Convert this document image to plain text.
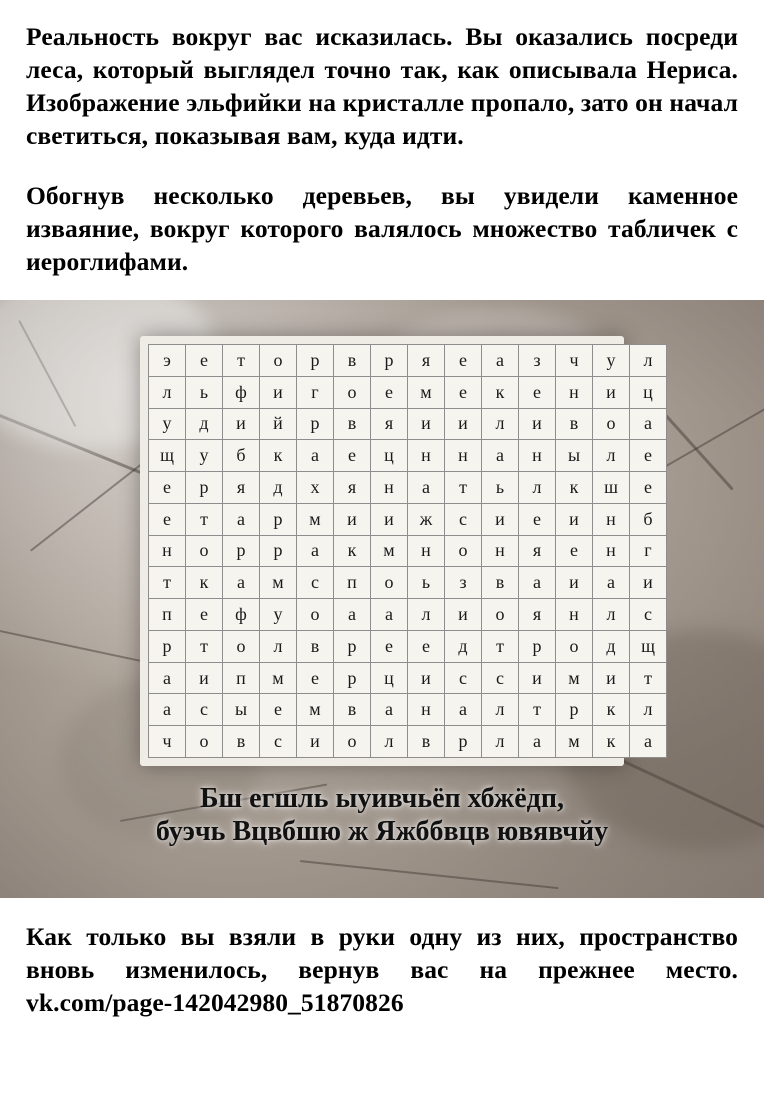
Реальность вокруг вас исказилась. Вы оказались посреди леса, который выглядел точно так, как описывала Нериса. Изображение эльфийки на кристалле пропало, зато он начал светиться, показывая вам, куда идти.

Обогнув несколько деревьев, вы увидели каменное изваяние, вокруг которого валялось множество табличек с иероглифами.

э	е	т	о	р	в	р	я	е	а	з	ч	у	л
л	ь	ф	и	г	о	е	м	е	к	е	н	и	ц
у	д	и	й	р	в	я	и	и	л	и	в	о	а
щ	у	б	к	а	е	ц	н	н	а	н	ы	л	е
е	р	я	д	х	я	н	а	т	ь	л	к	ш	е
е	т	а	р	м	и	и	ж	с	и	е	и	н	б
н	о	р	р	а	к	м	н	о	н	я	е	н	г
т	к	а	м	с	п	о	ь	з	в	а	и	а	и
п	е	ф	у	о	а	а	л	и	о	я	н	л	с
р	т	о	л	в	р	е	е	д	т	р	о	д	щ
а	и	п	м	е	р	ц	и	с	с	и	м	и	т
а	с	ы	е	м	в	а	н	а	л	т	р	к	л
ч	о	в	с	и	о	л	в	р	л	а	м	к	а
Бш егшль ыуивчьёп хбжёдп,
буэчь Вцвбшю ж Яжббвцв ювявчйу

Как только вы взяли в руки одну из них, пространство вновь изменилось, вернув вас на прежнее место. vk.com/page-142042980_51870826
